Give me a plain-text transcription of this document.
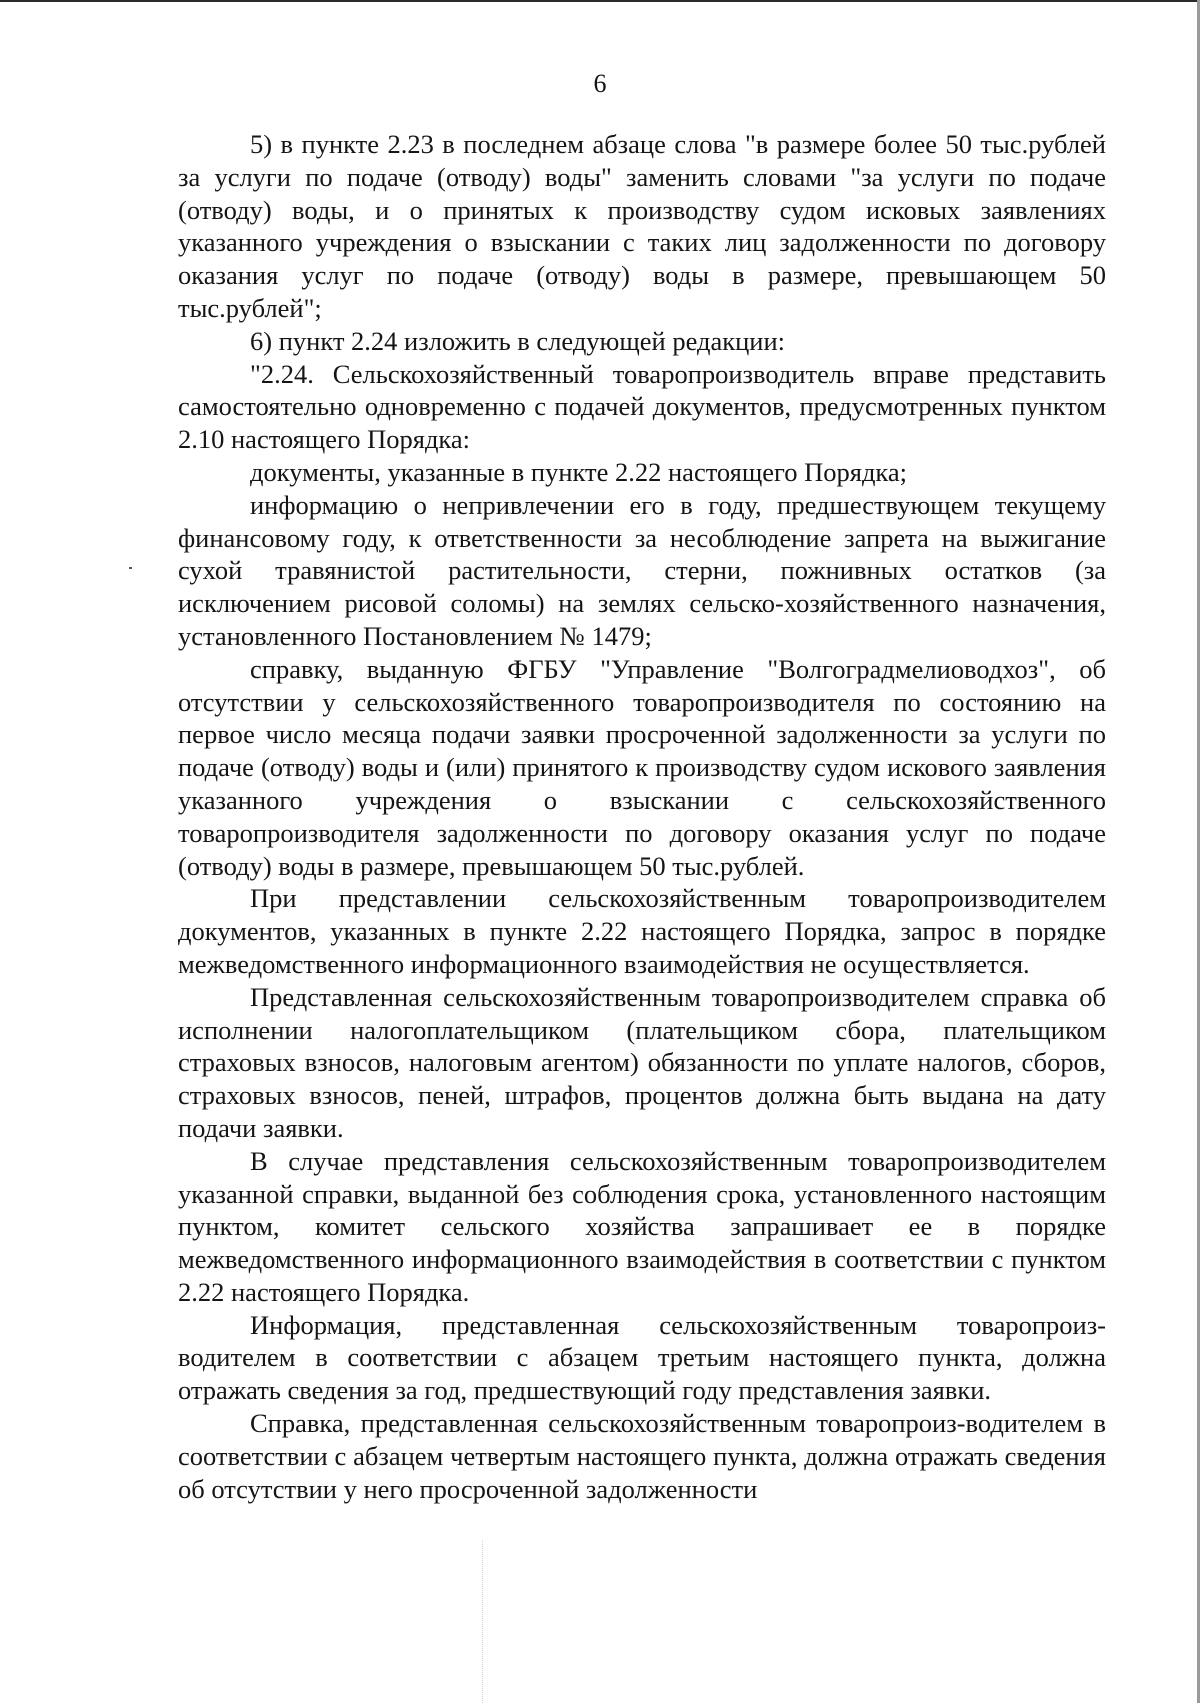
6

5) в пункте 2.23 в последнем абзаце слова "в размере более 50 тыс.рублей за услуги по подаче (отводу) воды" заменить словами "за услуги по подаче (отводу) воды, и о принятых к производству судом исковых заявлениях указанного учреждения о взыскании с таких лиц задолженности по договору оказания услуг по подаче (отводу) воды в размере, превышающем 50 тыс.рублей";

6) пункт 2.24 изложить в следующей редакции:

"2.24. Сельскохозяйственный товаропроизводитель вправе представить самостоятельно одновременно с подачей документов, предусмотренных пунктом 2.10 настоящего Порядка:

документы, указанные в пункте 2.22 настоящего Порядка;

информацию о непривлечении его в году, предшествующем текущему финансовому году, к ответственности за несоблюдение запрета на выжигание сухой травянистой растительности, стерни, пожнивных остатков (за исключением рисовой соломы) на землях сельско-хозяйственного назначения, установленного Постановлением № 1479;

справку, выданную ФГБУ "Управление "Волгоградмелиоводхоз", об отсутствии у сельскохозяйственного товаропроизводителя по состоянию на первое число месяца подачи заявки просроченной задолженности за услуги по подаче (отводу) воды и (или) принятого к производству судом искового заявления указанного учреждения о взыскании с сельскохозяйственного товаропроизводителя задолженности по договору оказания услуг по подаче (отводу) воды в размере, превышающем 50 тыс.рублей.

При представлении сельскохозяйственным товаропроизводителем документов, указанных в пункте 2.22 настоящего Порядка, запрос в порядке межведомственного информационного взаимодействия не осуществляется.

Представленная сельскохозяйственным товаропроизводителем справка об исполнении налогоплательщиком (плательщиком сбора, плательщиком страховых взносов, налоговым агентом) обязанности по уплате налогов, сборов, страховых взносов, пеней, штрафов, процентов должна быть выдана на дату подачи заявки.

В случае представления сельскохозяйственным товаропроизводителем указанной справки, выданной без соблюдения срока, установленного настоящим пунктом, комитет сельского хозяйства запрашивает ее в порядке межведомственного информационного взаимодействия в соответствии с пунктом 2.22 настоящего Порядка.

Информация, представленная сельскохозяйственным товаропроиз-водителем в соответствии с абзацем третьим настоящего пункта, должна отражать сведения за год, предшествующий году представления заявки.

Справка, представленная сельскохозяйственным товаропроиз-водителем в соответствии с абзацем четвертым настоящего пункта, должна отражать сведения об отсутствии у него просроченной задолженности
